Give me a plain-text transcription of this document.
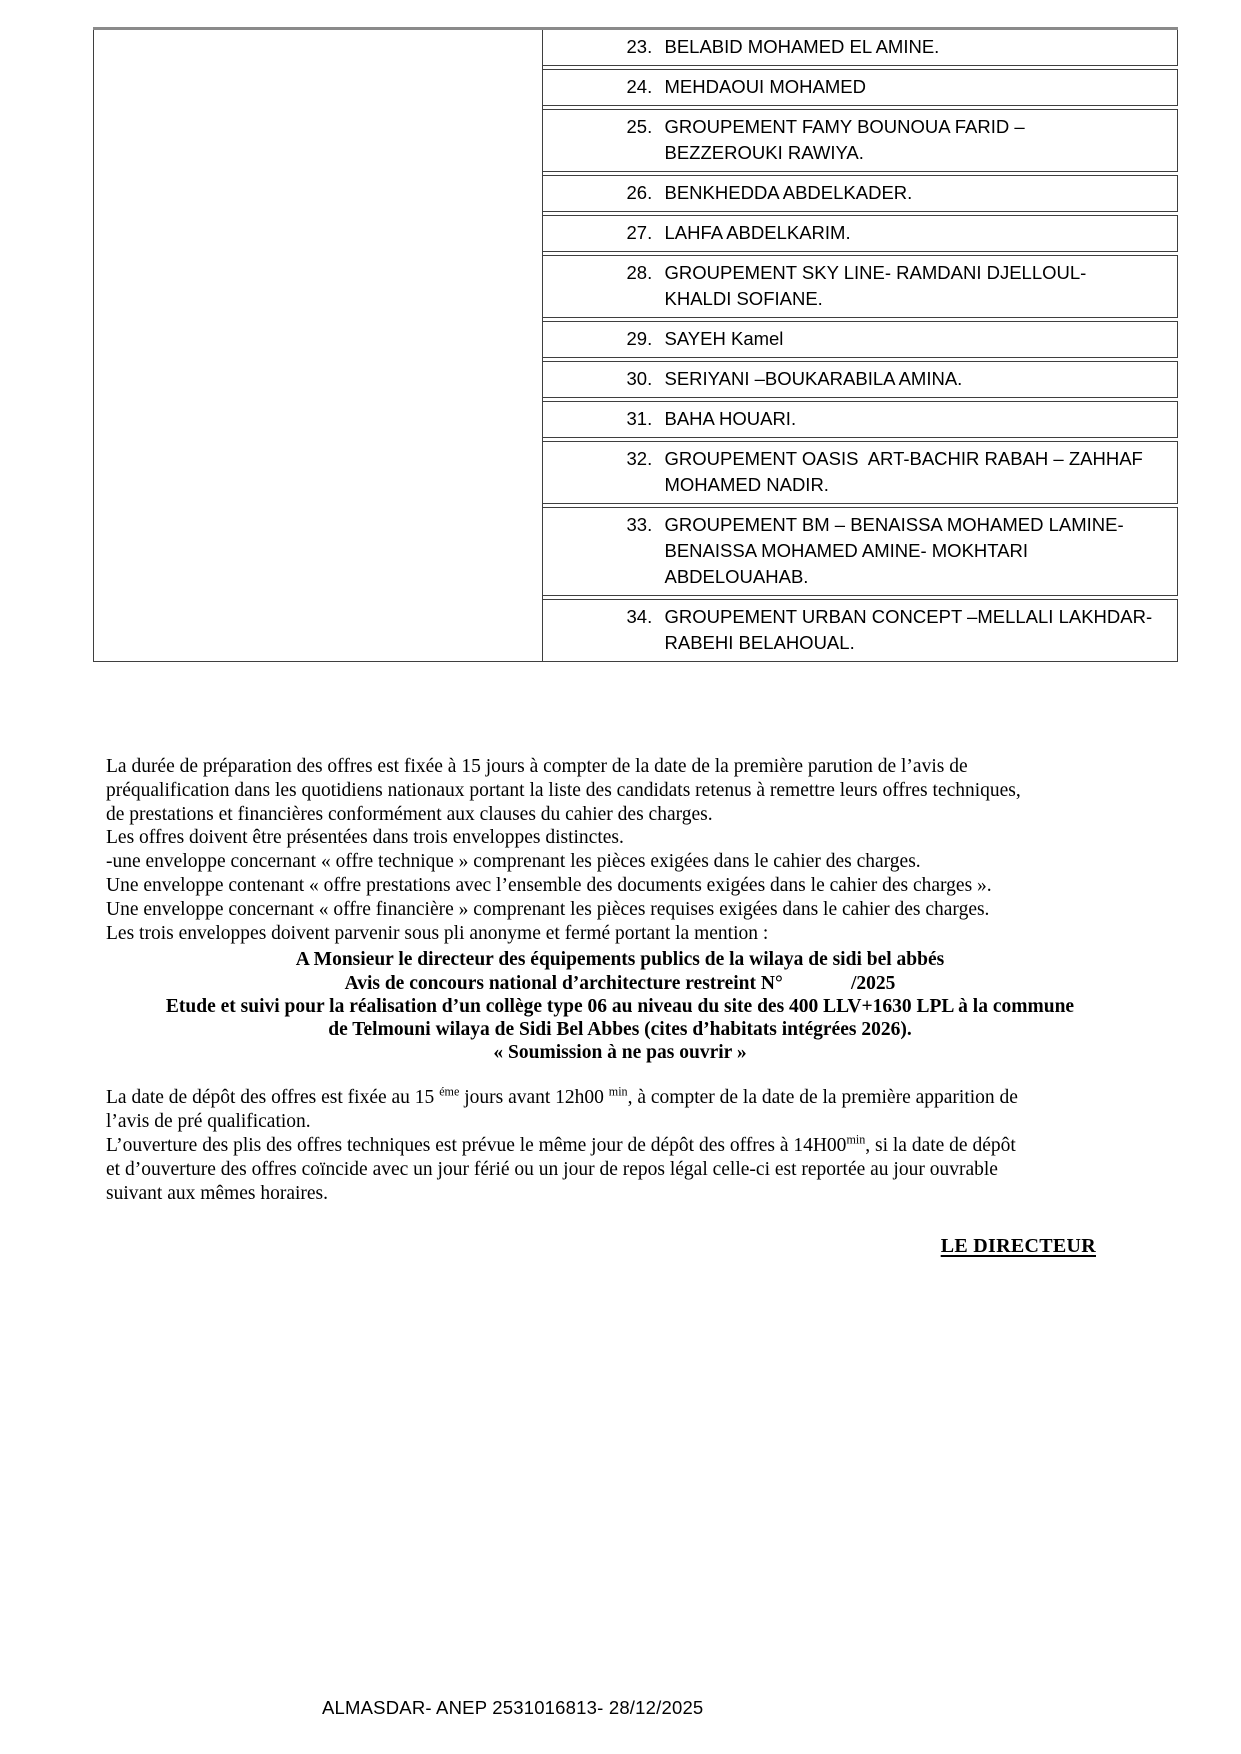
23. BELABID MOHAMED EL AMINE.
24. MEHDAOUI MOHAMED
25. GROUPEMENT FAMY BOUNOUA FARID –
BEZZEROUKI RAWIYA.
26. BENKHEDDA ABDELKADER.
27. LAHFA ABDELKARIM.
28. GROUPEMENT SKY LINE- RAMDANI DJELLOUL-
KHALDI SOFIANE.
29. SAYEH Kamel
30. SERIYANI –BOUKARABILA AMINA.
31. BAHA HOUARI.
32. GROUPEMENT OASIS  ART-BACHIR RABAH – ZAHHAF
MOHAMED NADIR.
33. GROUPEMENT BM – BENAISSA MOHAMED LAMINE-
BENAISSA MOHAMED AMINE- MOKHTARI
ABDELOUAHAB.
34. GROUPEMENT URBAN CONCEPT –MELLALI LAKHDAR-
RABEHI BELAHOUAL.
La durée de préparation des offres est fixée à 15 jours à compter de la date de la première parution de l’avis de
préqualification dans les quotidiens nationaux portant la liste des candidats retenus à remettre leurs offres techniques,
de prestations et financières conformément aux clauses du cahier des charges.
Les offres doivent être présentées dans trois enveloppes distinctes.
-une enveloppe concernant « offre technique » comprenant les pièces exigées dans le cahier des charges.
Une enveloppe contenant « offre prestations avec l’ensemble des documents exigées dans le cahier des charges ».
Une enveloppe concernant « offre financière » comprenant les pièces requises exigées dans le cahier des charges.
Les trois enveloppes doivent parvenir sous pli anonyme et fermé portant la mention :
A Monsieur le directeur des équipements publics de la wilaya de sidi bel abbés
Avis de concours national d’architecture restreint N°              /2025
Etude et suivi pour la réalisation d’un collège type 06 au niveau du site des 400 LLV+1630 LPL à la commune
de Telmouni wilaya de Sidi Bel Abbes (cites d’habitats intégrées 2026).
« Soumission à ne pas ouvrir »
La date de dépôt des offres est fixée au 15 $^{éme}$ jours avant 12h00 $^{min}$, à compter de la date de la première apparition de
l’avis de pré qualification.
L’ouverture des plis des offres techniques est prévue le même jour de dépôt des offres à $14H00^{min}$, si la date de dépôt
et d’ouverture des offres coïncide avec un jour férié ou un jour de repos légal celle-ci est reportée au jour ouvrable
suivant aux mêmes horaires.
LE DIRECTEUR
ALMASDAR- ANEP 2531016813- 28/12/2025
